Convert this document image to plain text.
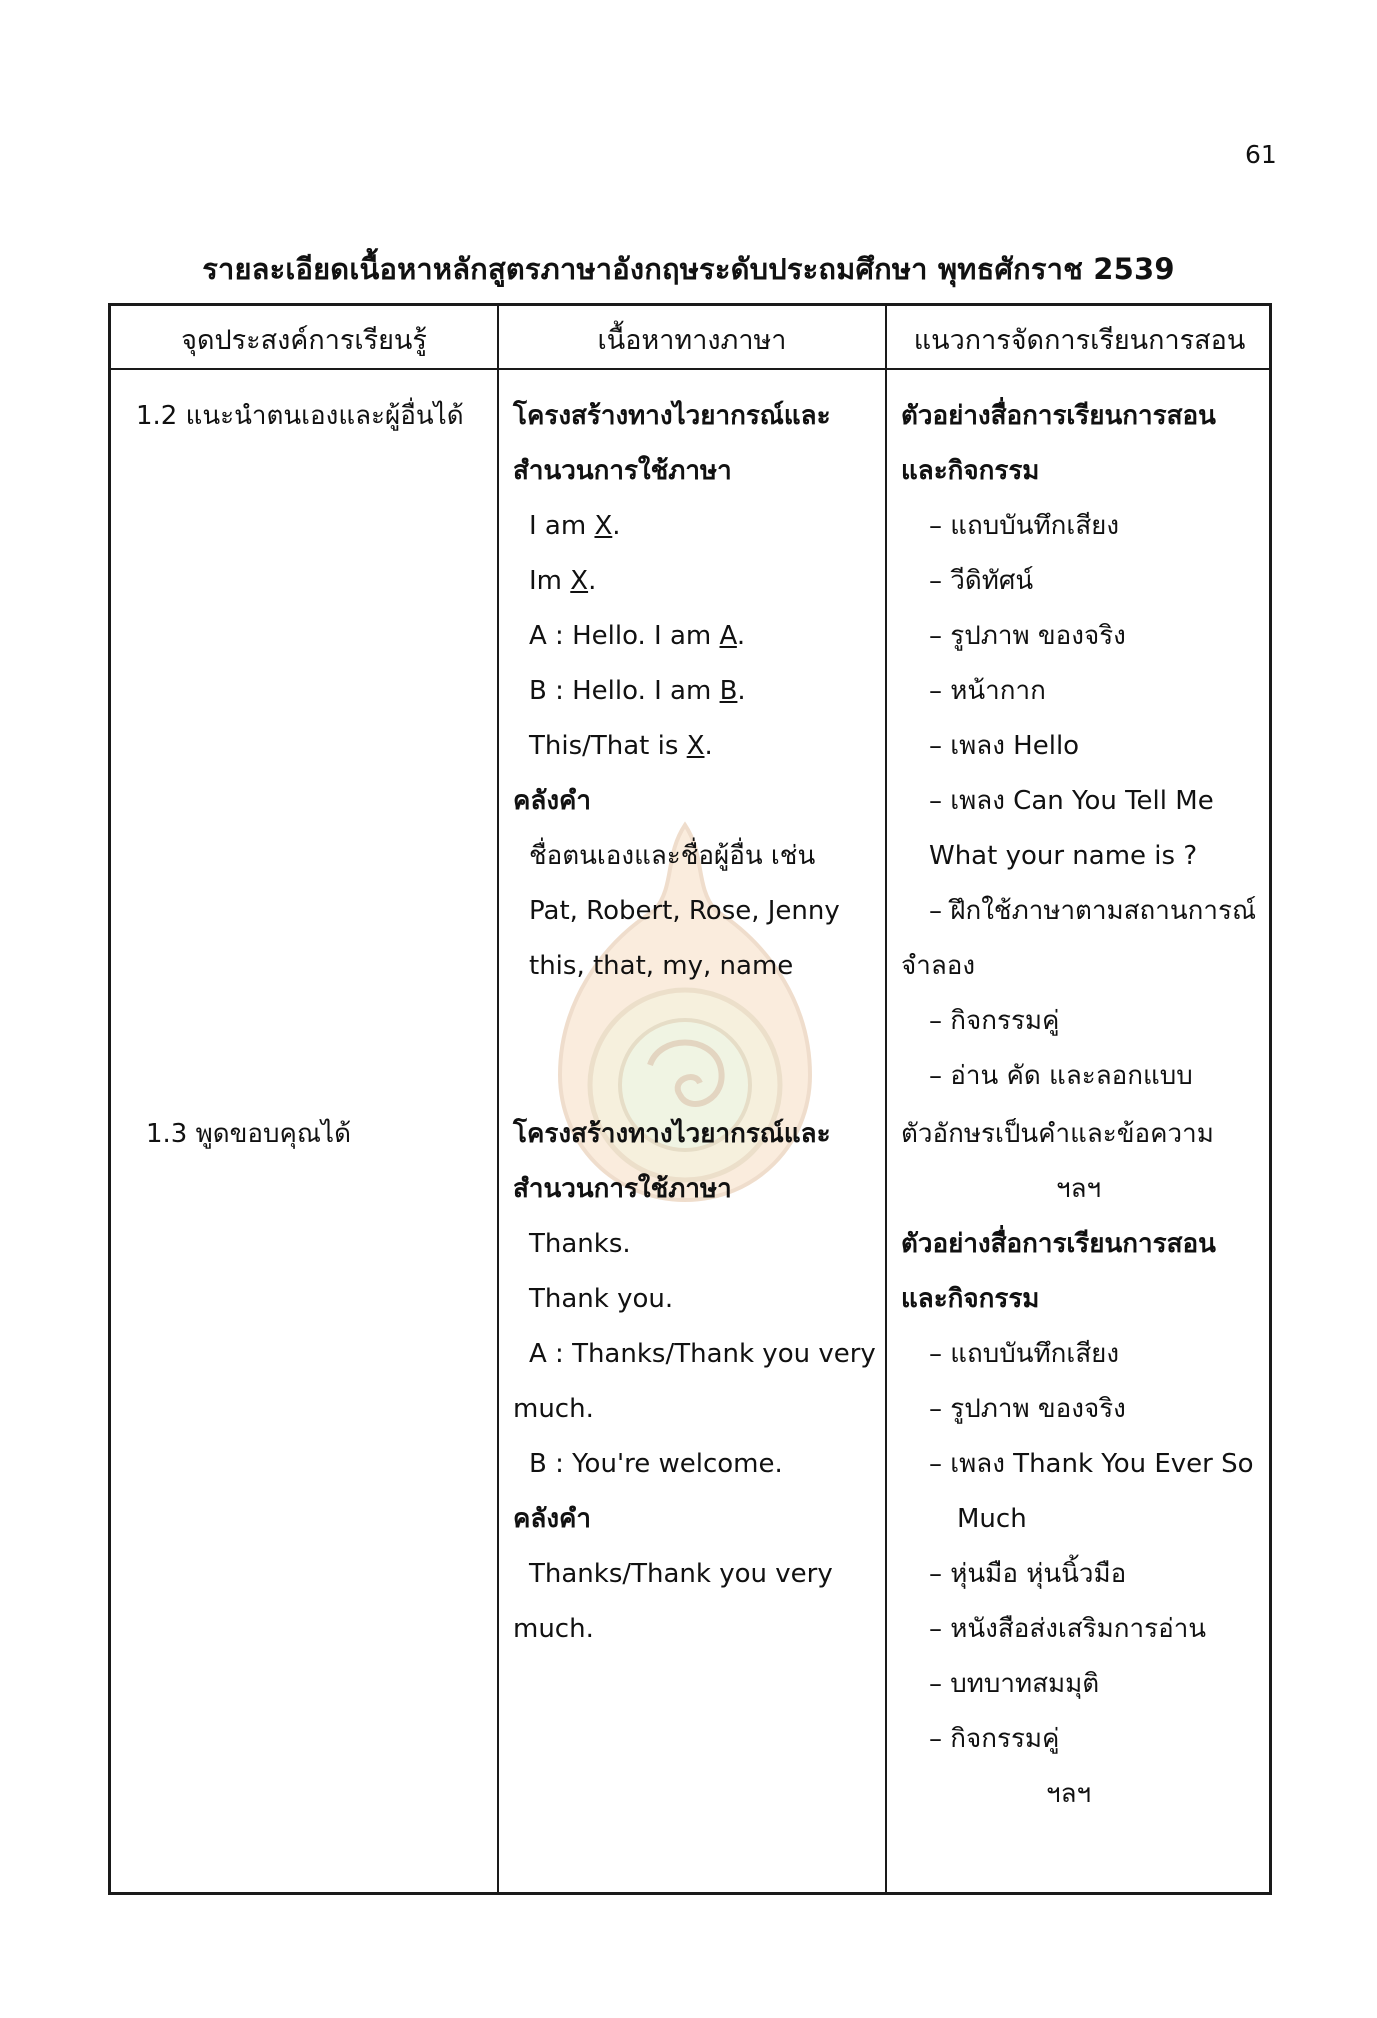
61
รายละเอียดเนื้อหาหลักสูตรภาษาอังกฤษระดับประถมศึกษา พุทธศักราช 2539
จุดประสงค์การเรียนรู้	เนื้อหาทางภาษา	แนวการจัดการเรียนการสอน
1.2 แนะนำตนเองและผู้อื่นได้
1.3 พูดขอบคุณได้
โครงสร้างทางไวยากรณ์และ
สำนวนการใช้ภาษา
I am X.
Im X.
A : Hello. I am A.
B : Hello. I am B.
This/That is X.
คลังคำ
ชื่อตนเองและชื่อผู้อื่น เช่น
Pat, Robert, Rose, Jenny
this, that, my, name
โครงสร้างทางไวยากรณ์และ
สำนวนการใช้ภาษา
Thanks.
Thank you.
A : Thanks/Thank you very
much.
B : You're welcome.
คลังคำ
Thanks/Thank you very
much.
ตัวอย่างสื่อการเรียนการสอน
และกิจกรรม
– แถบบันทึกเสียง
– วีดิทัศน์
– รูปภาพ ของจริง
– หน้ากาก
– เพลง Hello
– เพลง Can You Tell Me
What your name is ?
– ฝึกใช้ภาษาตามสถานการณ์
จำลอง
– กิจกรรมคู่
– อ่าน คัด และลอกแบบ
ตัวอักษรเป็นคำและข้อความ
ฯลฯ
ตัวอย่างสื่อการเรียนการสอน
และกิจกรรม
– แถบบันทึกเสียง
– รูปภาพ ของจริง
– เพลง Thank You Ever So
Much
– หุ่นมือ หุ่นนิ้วมือ
– หนังสือส่งเสริมการอ่าน
– บทบาทสมมุติ
– กิจกรรมคู่
ฯลฯ
